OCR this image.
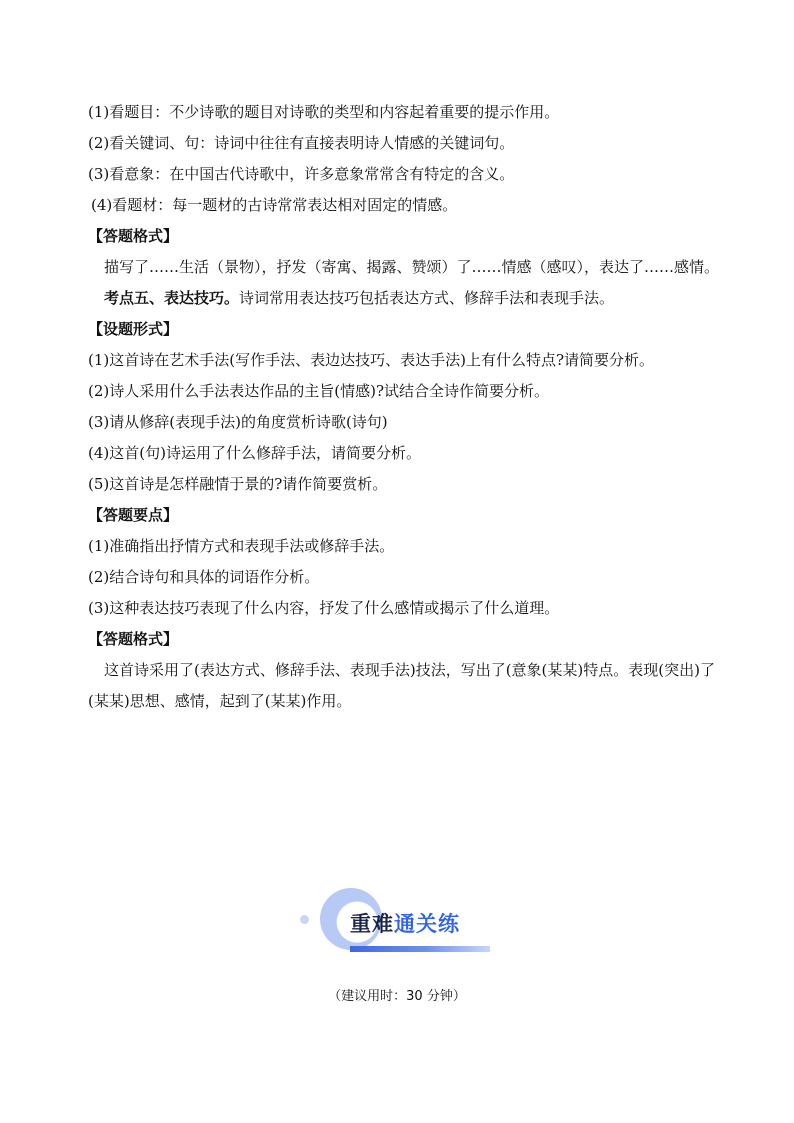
(1)看题目：不少诗歌的题目对诗歌的类型和内容起着重要的提示作用。
(2)看关键词、句：诗词中往往有直接表明诗人情感的关键词句。
(3)看意象：在中国古代诗歌中，许多意象常常含有特定的含义。
(4)看题材：每一题材的古诗常常表达相对固定的情感。
【答题格式】
描写了……生活（景物），抒发（寄寓、揭露、赞颂）了……情感（感叹），表达了……感情。
考点五、表达技巧。诗词常用表达技巧包括表达方式、修辞手法和表现手法。
【设题形式】
(1)这首诗在艺术手法(写作手法、表边达技巧、表达手法)上有什么特点?请简要分析。
(2)诗人采用什么手法表达作品的主旨(情感)?试结合全诗作简要分析。
(3)请从修辞(表现手法)的角度赏析诗歌(诗句)
(4)这首(句)诗运用了什么修辞手法，请简要分析。
(5)这首诗是怎样融情于景的?请作简要赏析。
【答题要点】
(1)准确指出抒情方式和表现手法或修辞手法。
(2)结合诗句和具体的词语作分析。
(3)这种表达技巧表现了什么内容，抒发了什么感情或揭示了什么道理。
【答题格式】
这首诗采用了(表达方式、修辞手法、表现手法)技法，写出了(意象(某某)特点。表现(突出)了(某某)思想、感情，起到了(某某)作用。
重难通关练
（建议用时：30 分钟）
